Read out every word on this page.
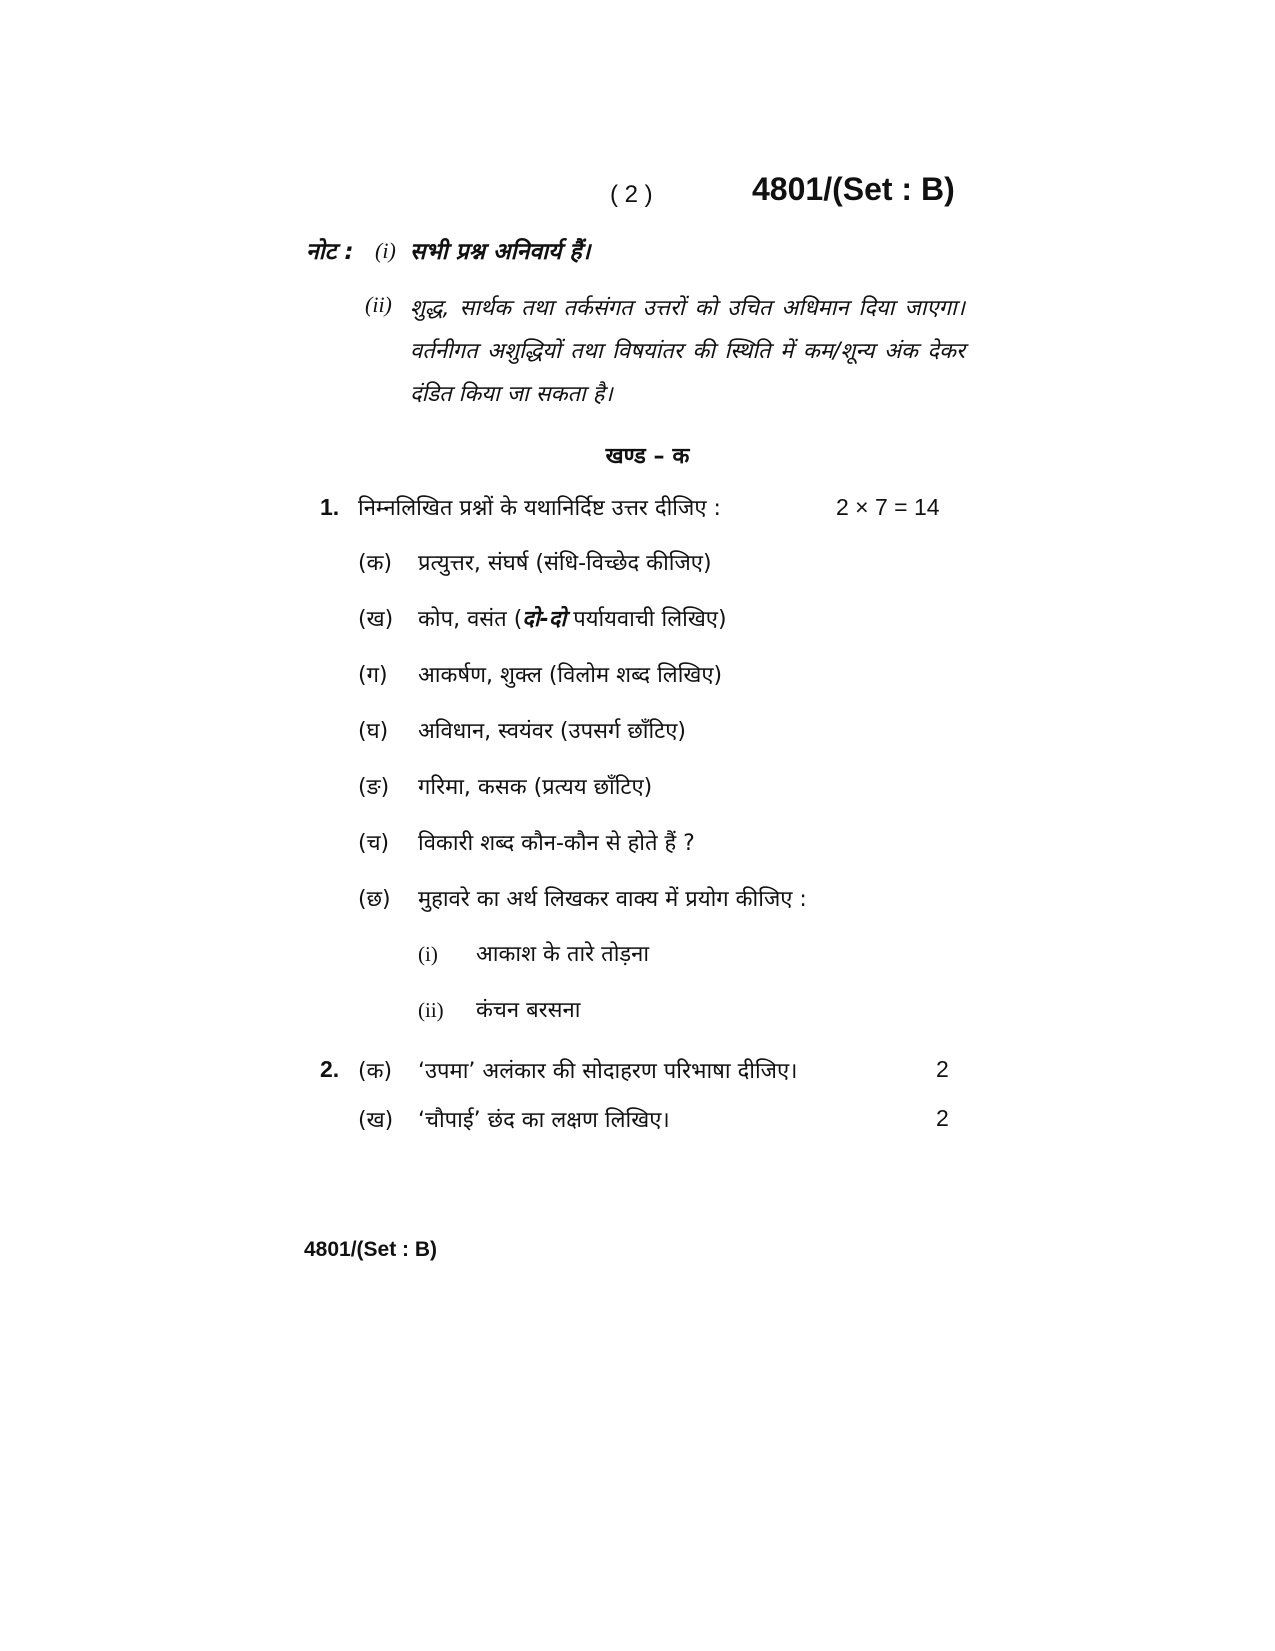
( 2 )	4801/(Set : B)
नोट : (i) सभी प्रश्न अनिवार्य हैं।
(ii) शुद्ध, सार्थक तथा तर्कसंगत उत्तरों को उचित अधिमान दिया जाएगा। वर्तनीगत अशुद्धियों तथा विषयांतर की स्थिति में कम/शून्य अंक देकर दंडित किया जा सकता है।
खण्ड – क
1. निम्नलिखित प्रश्नों के यथानिर्दिष्ट उत्तर दीजिए :	2 × 7 = 14
(क) प्रत्युत्तर, संघर्ष (संधि-विच्छेद कीजिए)
(ख) कोप, वसंत (दो-दो पर्यायवाची लिखिए)
(ग) आकर्षण, शुक्ल (विलोम शब्द लिखिए)
(घ) अविधान, स्वयंवर (उपसर्ग छाँटिए)
(ङ) गरिमा, कसक (प्रत्यय छाँटिए)
(च) विकारी शब्द कौन-कौन से होते हैं ?
(छ) मुहावरे का अर्थ लिखकर वाक्य में प्रयोग कीजिए :
(i) आकाश के तारे तोड़ना
(ii) कंचन बरसना
2. (क) ‘उपमा’ अलंकार की सोदाहरण परिभाषा दीजिए।	2
(ख) ‘चौपाई’ छंद का लक्षण लिखिए।	2
4801/(Set : B)
